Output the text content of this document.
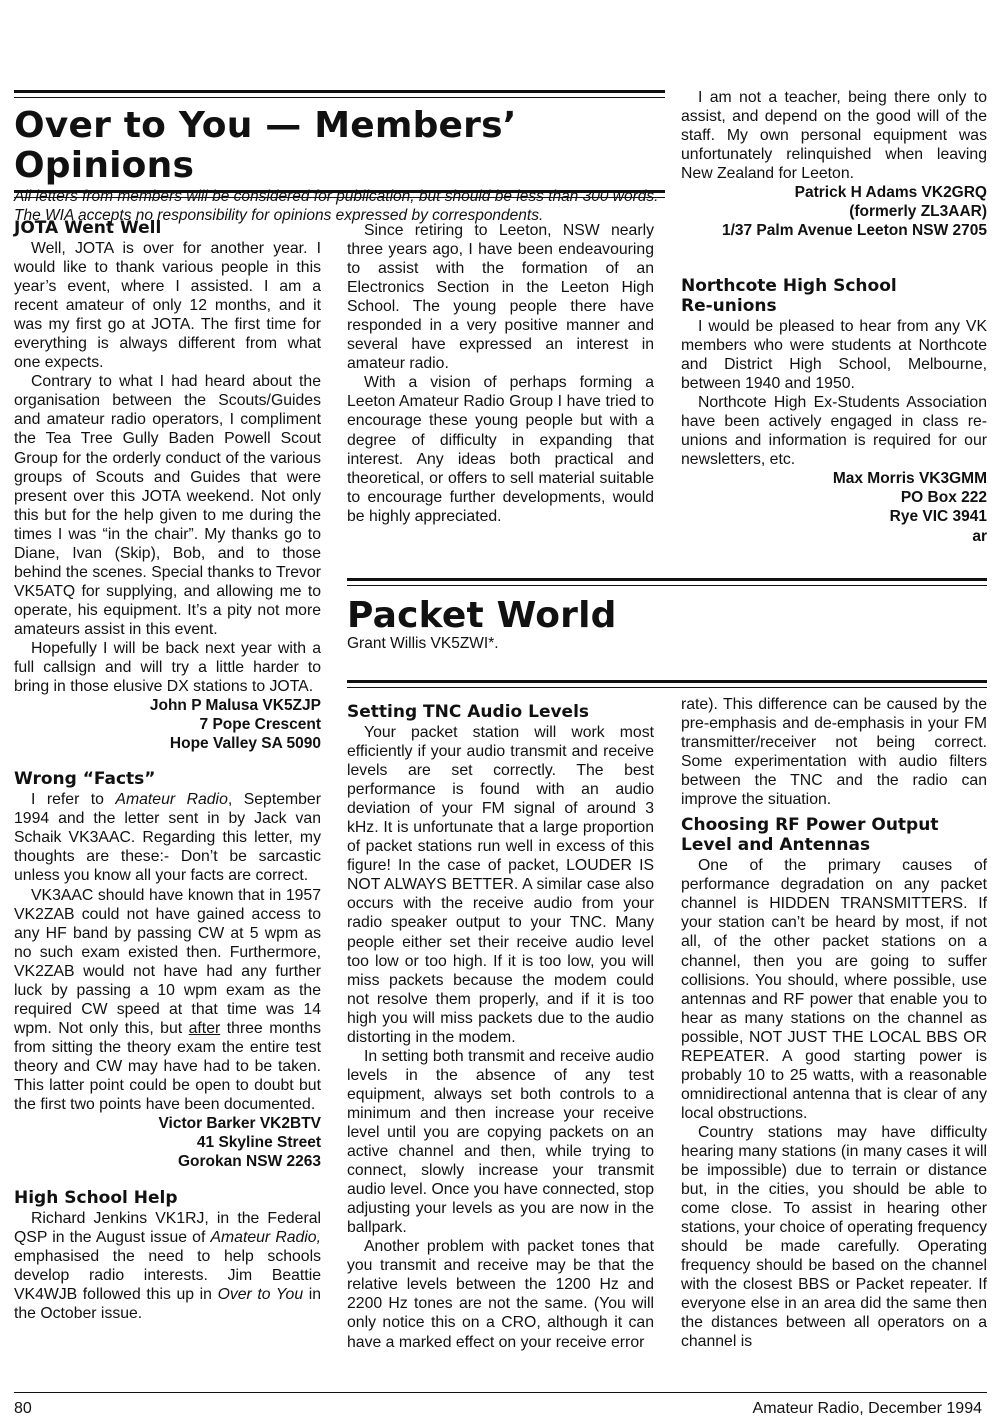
Over to You — Members’ Opinions

All letters from members will be considered for publication, but should be less than 300 words. The WIA accepts no responsibility for opinions expressed by correspondents.

I am not a teacher, being there only to assist, and depend on the good will of the staff. My own personal equipment was unfortunately relinquished when leaving New Zealand for Leeton.

Patrick H Adams VK2GRQ
(formerly ZL3AAR)
1/37 Palm Avenue Leeton NSW 2705
Northcote High School
Re-unions

I would be pleased to hear from any VK members who were students at Northcote and District High School, Melbourne, between 1940 and 1950.

Northcote High Ex-Students Association have been actively engaged in class re-unions and information is required for our newsletters, etc.

Max Morris VK3GMM
PO Box 222
Rye VIC 3941
ar
JOTA Went Well

Well, JOTA is over for another year. I would like to thank various people in this year’s event, where I assisted. I am a recent amateur of only 12 months, and it was my first go at JOTA. The first time for everything is always different from what one expects.

Contrary to what I had heard about the organisation between the Scouts/Guides and amateur radio operators, I compliment the Tea Tree Gully Baden Powell Scout Group for the orderly conduct of the various groups of Scouts and Guides that were present over this JOTA weekend. Not only this but for the help given to me during the times I was “in the chair”. My thanks go to Diane, Ivan (Skip), Bob, and to those behind the scenes. Special thanks to Trevor VK5ATQ for supplying, and allowing me to operate, his equipment. It’s a pity not more amateurs assist in this event.

Hopefully I will be back next year with a full callsign and will try a little harder to bring in those elusive DX stations to JOTA.

John P Malusa VK5ZJP
7 Pope Crescent
Hope Valley SA 5090
Wrong “Facts”

I refer to Amateur Radio, September 1994 and the letter sent in by Jack van Schaik VK3AAC. Regarding this letter, my thoughts are these:- Don’t be sarcastic unless you know all your facts are correct.

VK3AAC should have known that in 1957 VK2ZAB could not have gained access to any HF band by passing CW at 5 wpm as no such exam existed then. Furthermore, VK2ZAB would not have had any further luck by passing a 10 wpm exam as the required CW speed at that time was 14 wpm. Not only this, but after three months from sitting the theory exam the entire test theory and CW may have had to be taken. This latter point could be open to doubt but the first two points have been documented.

Victor Barker VK2BTV
41 Skyline Street
Gorokan NSW 2263
High School Help

Richard Jenkins VK1RJ, in the Federal QSP in the August issue of Amateur Radio, emphasised the need to help schools develop radio interests. Jim Beattie VK4WJB followed this up in Over to You in the October issue.

Since retiring to Leeton, NSW nearly three years ago, I have been endeavouring to assist with the formation of an Electronics Section in the Leeton High School. The young people there have responded in a very positive manner and several have expressed an interest in amateur radio.

With a vision of perhaps forming a Leeton Amateur Radio Group I have tried to encourage these young people but with a degree of difficulty in expanding that interest. Any ideas both practical and theoretical, or offers to sell material suitable to encourage further developments, would be highly appreciated.

Packet World
Grant Willis VK5ZWI*.
Setting TNC Audio Levels

Your packet station will work most efficiently if your audio transmit and receive levels are set correctly. The best performance is found with an audio deviation of your FM signal of around 3 kHz. It is unfortunate that a large proportion of packet stations run well in excess of this figure! In the case of packet, LOUDER IS NOT ALWAYS BETTER. A similar case also occurs with the receive audio from your radio speaker output to your TNC. Many people either set their receive audio level too low or too high. If it is too low, you will miss packets because the modem could not resolve them properly, and if it is too high you will miss packets due to the audio distorting in the modem.

In setting both transmit and receive audio levels in the absence of any test equipment, always set both controls to a minimum and then increase your receive level until you are copying packets on an active channel and then, while trying to connect, slowly increase your transmit audio level. Once you have connected, stop adjusting your levels as you are now in the ballpark.

Another problem with packet tones that you transmit and receive may be that the relative levels between the 1200 Hz and 2200 Hz tones are not the same. (You will only notice this on a CRO, although it can have a marked effect on your receive error

rate). This difference can be caused by the pre-emphasis and de-emphasis in your FM transmitter/receiver not being correct. Some experimentation with audio filters between the TNC and the radio can improve the situation.

Choosing RF Power Output
Level and Antennas

One of the primary causes of performance degradation on any packet channel is HIDDEN TRANSMITTERS. If your station can’t be heard by most, if not all, of the other packet stations on a channel, then you are going to suffer collisions. You should, where possible, use antennas and RF power that enable you to hear as many stations on the channel as possible, NOT JUST THE LOCAL BBS OR REPEATER. A good starting power is probably 10 to 25 watts, with a reasonable omnidirectional antenna that is clear of any local obstructions.

Country stations may have difficulty hearing many stations (in many cases it will be impossible) due to terrain or distance but, in the cities, you should be able to come close. To assist in hearing other stations, your choice of operating frequency should be made carefully. Operating frequency should be based on the channel with the closest BBS or Packet repeater. If everyone else in an area did the same then the distances between all operators on a channel is

80	Amateur Radio, December 1994
